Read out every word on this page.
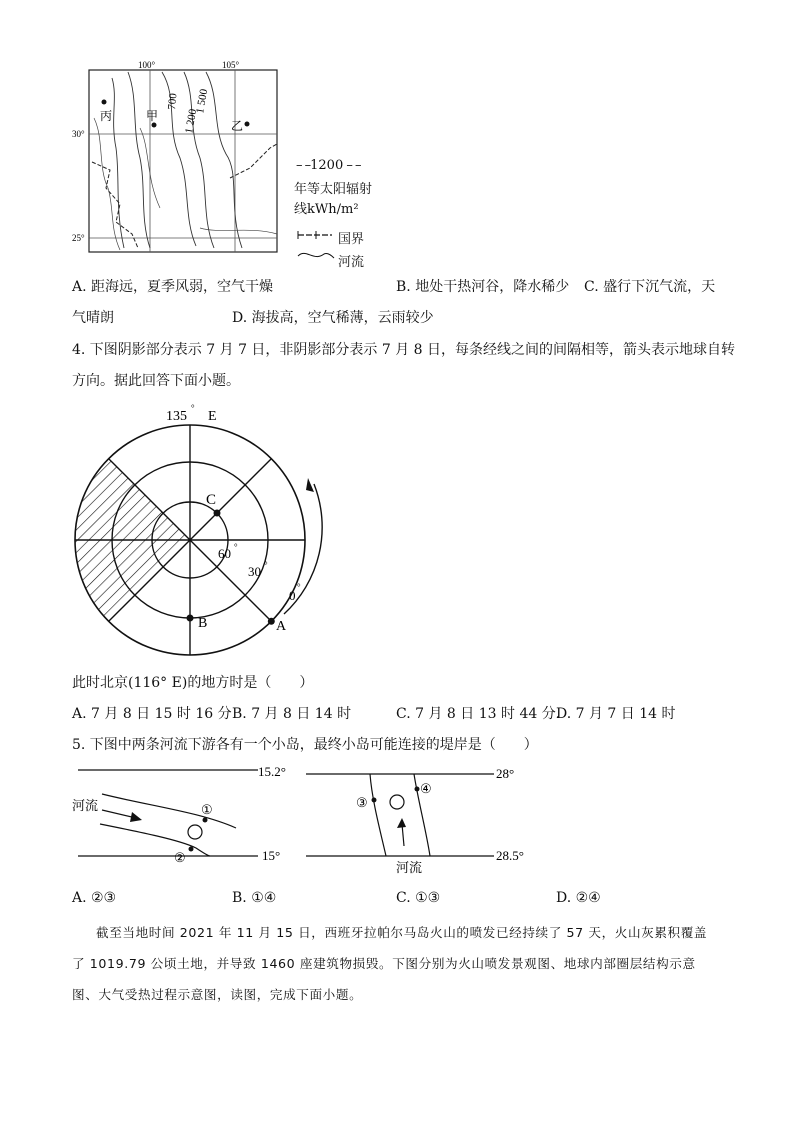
100°	105°
30°
25°
丙	甲
乙
700 1 500
1 200
– –1200 – –
年等太阳辐射
线kWh/m²
国界
河流
A. 距海远，夏季风弱，空气干燥	B. 地处干热河谷，降水稀少 C. 盛行下沉气流，天
气晴朗	D. 海拔高，空气稀薄，云雨较少
4. 下图阴影部分表示 7 月 7 日，非阴影部分表示 7 月 8 日，每条经线之间的间隔相等，箭头表示地球自转
方向。据此回答下面小题。
135
°
E
C
60 °
30 °
0
°
B	A
此时北京(116° E)的地方时是（　　）
A. 7 月 8 日 15 时 16 分 B. 7 月 8 日 14 时	C. 7 月 8 日 13 时 44 分．
D. 7 月 7 日 14 时
5. 下图中两条河流下游各有一个小岛，最终小岛可能连接的堤岸是（　　）
15.2°
15°
河流	①
②
28°
28.5°
河流
③
④
A. ②③	B. ①④	C. ①③	D. ②④
截至当地时间 2021 年 11 月 15 日，西班牙拉帕尔马岛火山的喷发已经持续了 57 天，火山灰累积覆盖
了 1019.79 公顷土地，并导致 1460 座建筑物损毁。下图分别为火山喷发景观图、地球内部圈层结构示意
图、大气受热过程示意图，读图，完成下面小题。
